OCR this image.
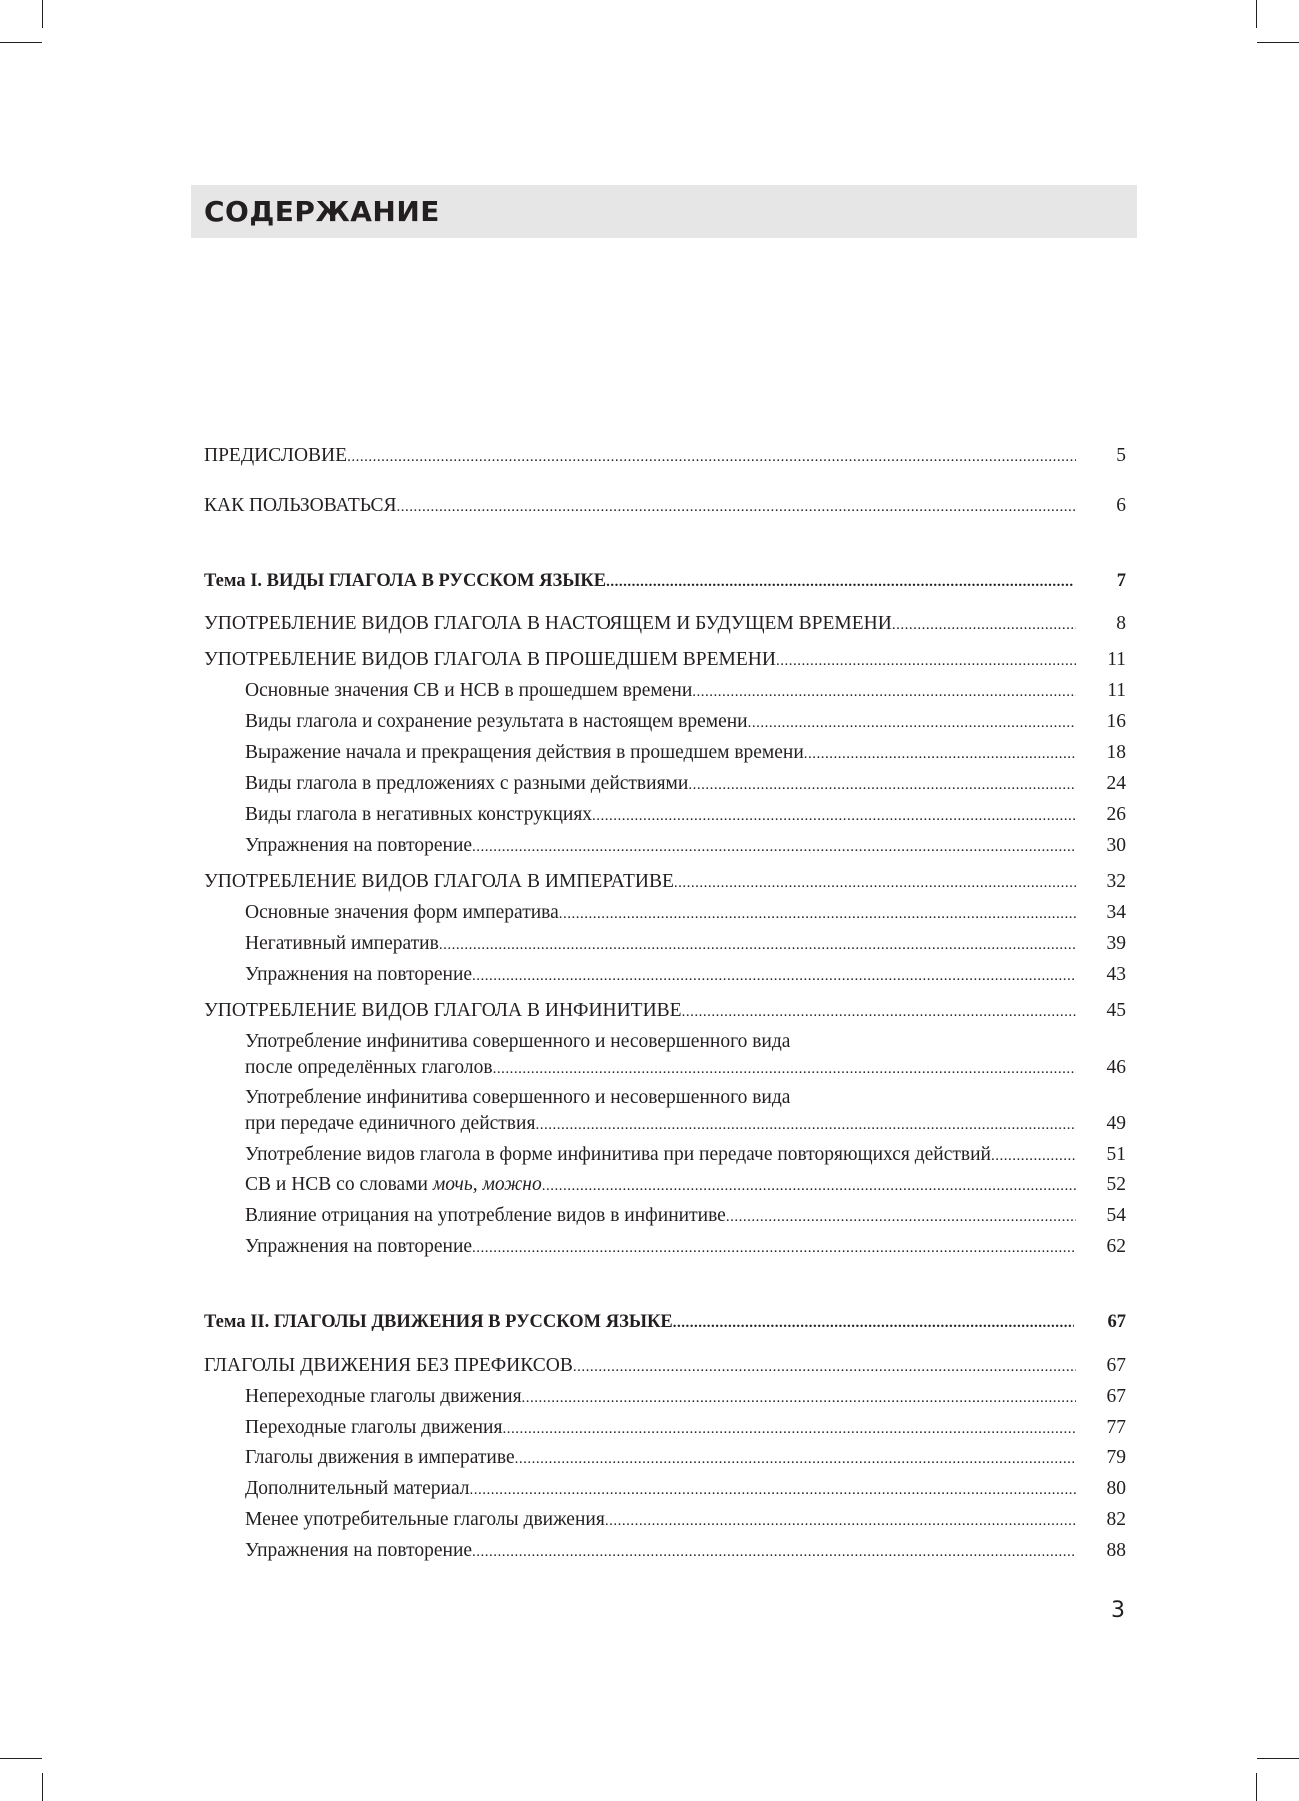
СОДЕРЖАНИЕ
ПРЕДИСЛОВИЕ .....	5
КАК ПОЛЬЗОВАТЬСЯ .....	6
Тема I. ВИДЫ ГЛАГОЛА В РУССКОМ ЯЗЫКЕ .....	7
УПОТРЕБЛЕНИЕ ВИДОВ ГЛАГОЛА В НАСТОЯЩЕМ И БУДУЩЕМ ВРЕМЕНИ .....	8
УПОТРЕБЛЕНИЕ ВИДОВ ГЛАГОЛА В ПРОШЕДШЕМ ВРЕМЕНИ .....	11
Основные значения СВ и НСВ в прошедшем времени .....	11
Виды глагола и сохранение результата в настоящем времени .....	16
Выражение начала и прекращения действия в прошедшем времени .....	18
Виды глагола в предложениях с разными действиями .....	24
Виды глагола в негативных конструкциях .....	26
Упражнения на повторение .....	30
УПОТРЕБЛЕНИЕ ВИДОВ ГЛАГОЛА В ИМПЕРАТИВЕ .....	32
Основные значения форм императива .....	34
Негативный императив .....	39
Упражнения на повторение .....	43
УПОТРЕБЛЕНИЕ ВИДОВ ГЛАГОЛА В ИНФИНИТИВЕ .....	45
Употребление инфинитива совершенного и несовершенного вида
после определённых глаголов .....	46
Употребление инфинитива совершенного и несовершенного вида
при передаче единичного действия .....	49
Употребление видов глагола в форме инфинитива при передаче повторяющихся действий .....	51
СВ и НСВ со словами мочь, можно .....	52
Влияние отрицания на употребление видов в инфинитиве .....	54
Упражнения на повторение .....	62
Тема II. ГЛАГОЛЫ ДВИЖЕНИЯ В РУССКОМ ЯЗЫКЕ .....	67
ГЛАГОЛЫ ДВИЖЕНИЯ БЕЗ ПРЕФИКСОВ .....	67
Непереходные глаголы движения .....	67
Переходные глаголы движения .....	77
Глаголы движения в императиве .....	79
Дополнительный материал .....	80
Менее употребительные глаголы движения .....	82
Упражнения на повторение .....	88
3
